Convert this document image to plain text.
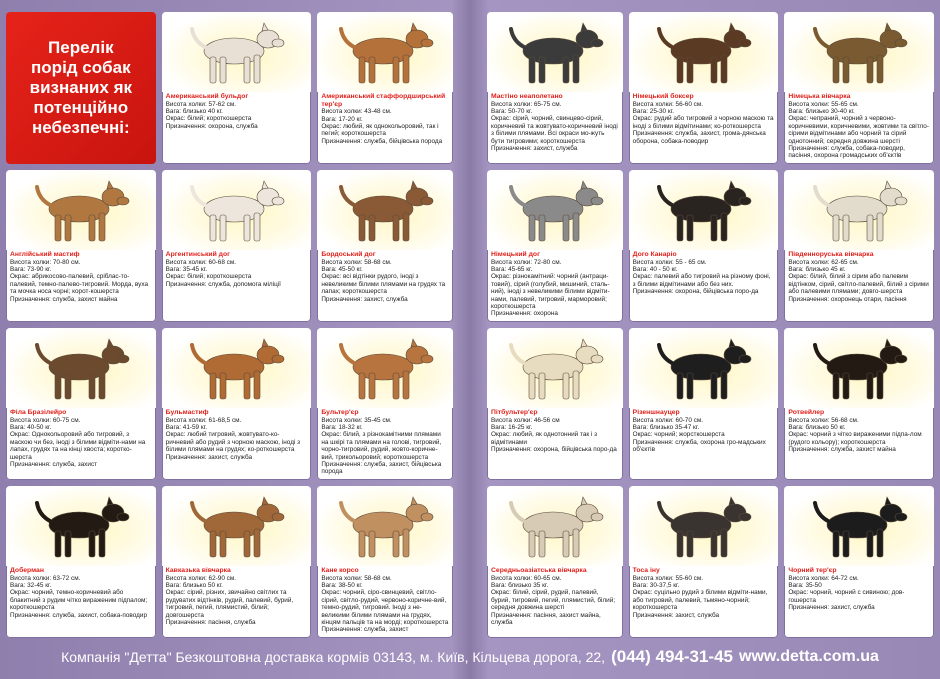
Перелік
порід собак
визнаних як
потенційно
небезпечні:
Американський бульдог
Висота холки: 57-62 см.
Вага: близько 40 кг.
Окрас: білий; короткошерста
Призначення: охорона, служба
Американський стаффордширський тер'єр
Висота холки: 43-48 см.
Вага: 17-20 кг.
Окрас: любий, як однокольоровий, так і пегий; короткошерста
Призначення: служба, бійцівська порода
Мастіно неаполетано
Висота холки: 65-75 см.
Вага: 50-70 кг.
Окрас: сірий, чорний, свинцево-сірий, коричневий та жовтувато-коричневий іноді з білими плямами. Всі окраси мо-жуть бути тигровими; короткошерста
Призначення: захист, служба
Німецький боксер
Висота холки: 56-60 см.
Вага: 25-30 кг.
Окрас: рудий або тигровий з чорною маскою та іноді з білими відмітинами; ко-роткошерста
Призначення: служба, захист, грома-дянська оборона, собака-поводир
Німецька вівчарка
Висота холки: 55-65 см.
Вага: близько 30-40 кг.
Окрас: чепраний, чорний з червоно-коричневими, коричневими, жовтими та світло-сірими відмітинами або чорний та сірий однотонний; середня довжина шерсті
Призначення: служба, собака-поводир, пасіння, охорона громадських об'єктів
Англійський мастиф
Висота холки: 70-80 см.
Вага: 73-90 кг.
Окрас: абрикосово-палевий, сріблас-то-палевий, темно-палево-тигровий. Морда, вуха та мочка носа чорні; корот-кошерста
Призначення: служба, захист майна
Аргентинський дог
Висота холки: 60-68 см.
Вага: 35-45 кг.
Окрас: білий; короткошерста
Призначення: служба, допомога міліції
Бордоський дог
Висота холки: 58-68 см.
Вага: 45-50 кг.
Окрас: всі відтінки рудого, іноді з невеликими білими плямами на грудях та лапах; короткошерста
Призначення: захист, служба
Німецький дог
Висота холки: 72-80 см.
Вага: 45-65 кг.
Окрас: різнокамітний: чорний (антраци-товий), сірий (голубий, мишиний, сталь-ний), іноді з невеликими білими відміти-нами, палевий, тигровий, марморовий; короткошерста
Призначення: охорона
Дого Канаріо
Висота холки: 55 - 65 см.
Вага: 40 - 50 кг.
Окрас: палевий або тигровий на різному фоні, з білими відмітинами або без них.
Призначення: охорона, бійцівська поро-да
Південноруська вівчарка
Висота холки: 62-65 см.
Вага: близько 45 кг.
Окрас: білий, білий з сірим або палевим відтінком, сірий, світло-палевий, білий з сірими або палевими плямами; довго-шерста
Призначення: охоронець отари, пасіння
Філа Бразілейро
Висота холки: 60-75 см.
Вага: 40-50 кг.
Окрас: Однокольоровий або тигровий, з маскою чи без, іноді з білими відміти-нами на лапах, грудях та на кінці хвоста; коротко-шерста
Призначення: служба, захист
Бульмастиф
Висота холки: 61-68,5 см.
Вага: 41-59 кг.
Окрас: любий тигровий, жовтувато-ко-ричневий або рудий з чорною маскою, іноді з білими плямами на грудях; ко-роткошерста
Призначення: захист, служба
Бультер'єр
Висота холки: 35-45 см.
Вага: 18-32 кг.
Окрас: білий, з різнокамітними плямами на шкірі та плямами на голові, тигровий, чорно-тигровий, рудий, жовто-коричне-вий, трикольоровий; короткошерста
Призначення: служба, захист, бійцівська порода
Пітбультер'єр
Висота холки: 46-56 см
Вага: 16-25 кг.
Окрас: любий, як однотонний так і з відмітинами
Призначення: охорона, бійцівська поро-да
Різеншнауцер
Висота холки: 60-70 см.
Вага: близько 35-47 кг.
Окрас: чорний; жорсткошерста
Призначення: служба, охорона гро-мадських об'єктів
Ротвейлер
Висота холки: 56-68 см.
Вага: близько 50 кг.
Окрас: чорний з чітко вираженими підпа-лом (рудого кольору); короткошерста
Призначення: служба, захист майна
Доберман
Висота холки: 63-72 см.
Вага: 32-45 кг.
Окрас: чорний, темно-коричневий або блакитний з рудим чітко вираженим підпалом; короткошерста
Призначення: служба, захист, собака-поводир
Кавказька вівчарка
Висота холки: 62-90 см.
Вага: близько 50 кг.
Окрас: сірий, різних, звичайно світлих та рудуватих відтінків, рудий, палевий, бурий, тигровий, пегий, плямистий, білий; довгошерста
Призначення: пасіння, служба
Кане корсо
Висота холки: 58-68 см.
Вага: 38-50 кг.
Окрас: чорний, сіро-свинцевий, світло-сірий, світло-рудий, червоно-коричне-вий, темно-рудий, тигровий. Іноді з не-великими білими плямами на грудях, кінцям пальців та на морді; короткошерста
Призначення: служба, захист
Середньоазіатська вівчарка
Висота холки: 60-65 см.
Вага: близько 35 кг.
Окрас: білий, сірий, рудий, палевий, бурий, тигровий, пегий, плямистий, білий; середня довжина шерсті
Призначення: пасіння, захист майна, служба
Тоса іну
Висота холки: 55-60 см.
Вага: 30-37,5 кг.
Окрас: суцільно рудий з білими відміти-нами, або тигровий, палевий, тьмяно-чорний; короткошерста
Призначення: захист, служба
Чорний тер'єр
Висота холки: 64-72 см.
Вага: 35-50
Окрас: чорний, чорний с сивиною; дов-гошерста
Призначення: захист, служба
Компанія "Детта" Безкоштовна доставка кормів 03143, м. Київ, Кільцева дорога, 22, (044) 494-31-45 www.detta.com.ua
